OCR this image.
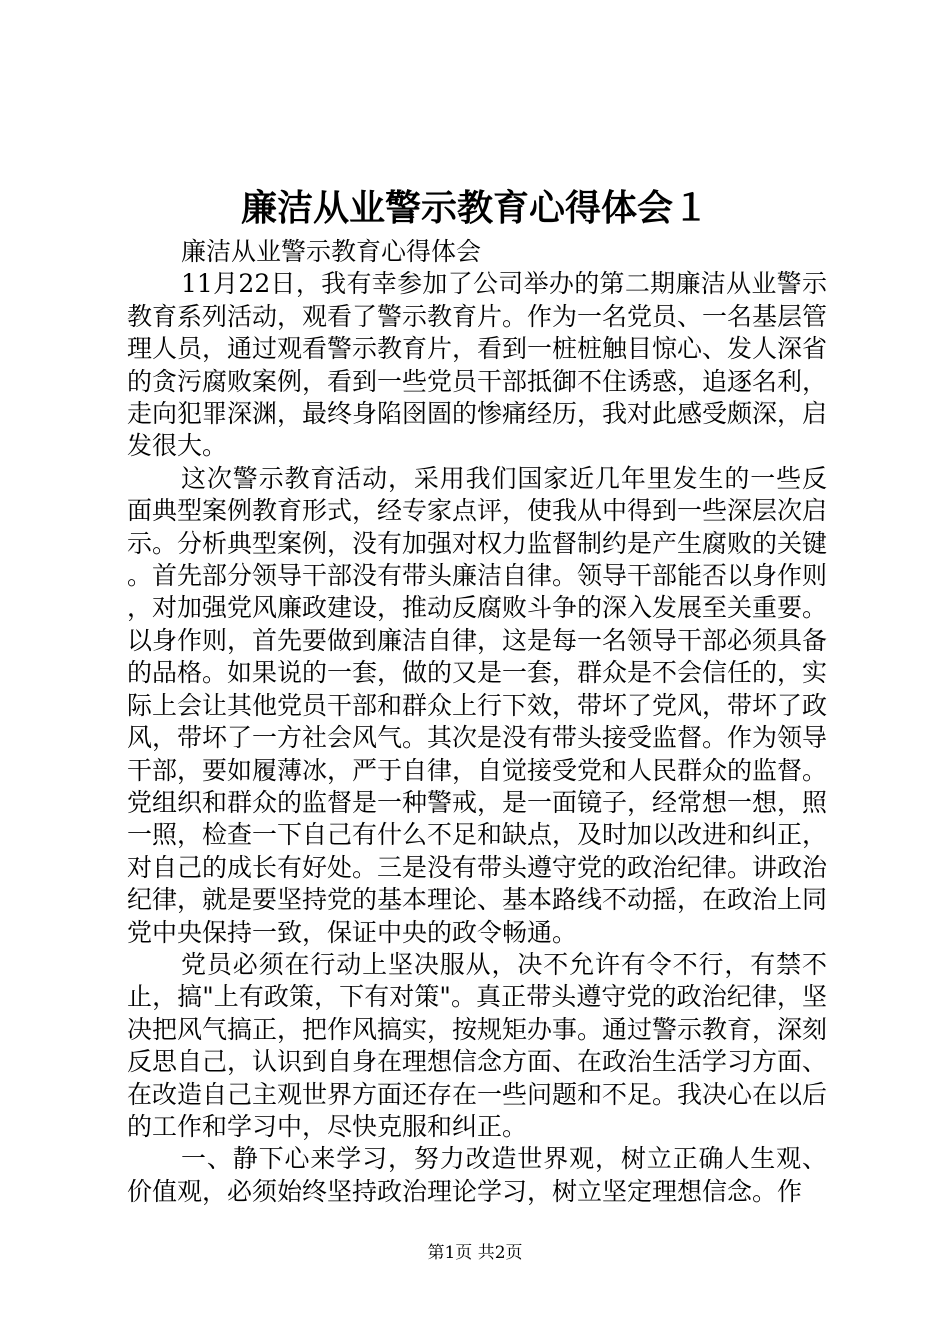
廉洁从业警示教育心得体会１

廉洁从业警示教育心得体会

11月22日，我有幸参加了公司举办的第二期廉洁从业警示教育系列活动，观看了警示教育片。作为一名党员、一名基层管理人员，通过观看警示教育片，看到一桩桩触目惊心、发人深省的贪污腐败案例，看到一些党员干部抵御不住诱惑，追逐名利，走向犯罪深渊，最终身陷囹圄的惨痛经历，我对此感受颇深，启发很大。

这次警示教育活动，采用我们国家近几年里发生的一些反面典型案例教育形式，经专家点评，使我从中得到一些深层次启示。分析典型案例，没有加强对权力监督制约是产生腐败的关键。首先部分领导干部没有带头廉洁自律。领导干部能否以身作则，对加强党风廉政建设，推动反腐败斗争的深入发展至关重要。以身作则，首先要做到廉洁自律，这是每一名领导干部必须具备的品格。如果说的一套，做的又是一套，群众是不会信任的，实际上会让其他党员干部和群众上行下效，带坏了党风，带坏了政风，带坏了一方社会风气。其次是没有带头接受监督。作为领导干部，要如履薄冰，严于自律，自觉接受党和人民群众的监督。党组织和群众的监督是一种警戒，是一面镜子，经常想一想，照一照，检查一下自己有什么不足和缺点，及时加以改进和纠正，对自己的成长有好处。三是没有带头遵守党的政治纪律。讲政治纪律，就是要坚持党的基本理论、基本路线不动摇，在政治上同党中央保持一致，保证中央的政令畅通。

党员必须在行动上坚决服从，决不允许有令不行，有禁不止，搞"上有政策，下有对策"。真正带头遵守党的政治纪律，坚决把风气搞正，把作风搞实，按规矩办事。通过警示教育，深刻反思自己，认识到自身在理想信念方面、在政治生活学习方面、在改造自己主观世界方面还存在一些问题和不足。我决心在以后的工作和学习中，尽快克服和纠正。

一、静下心来学习，努力改造世界观，树立正确人生观、价值观，必须始终坚持政治理论学习，树立坚定理想信念。作

第1页 共2页
